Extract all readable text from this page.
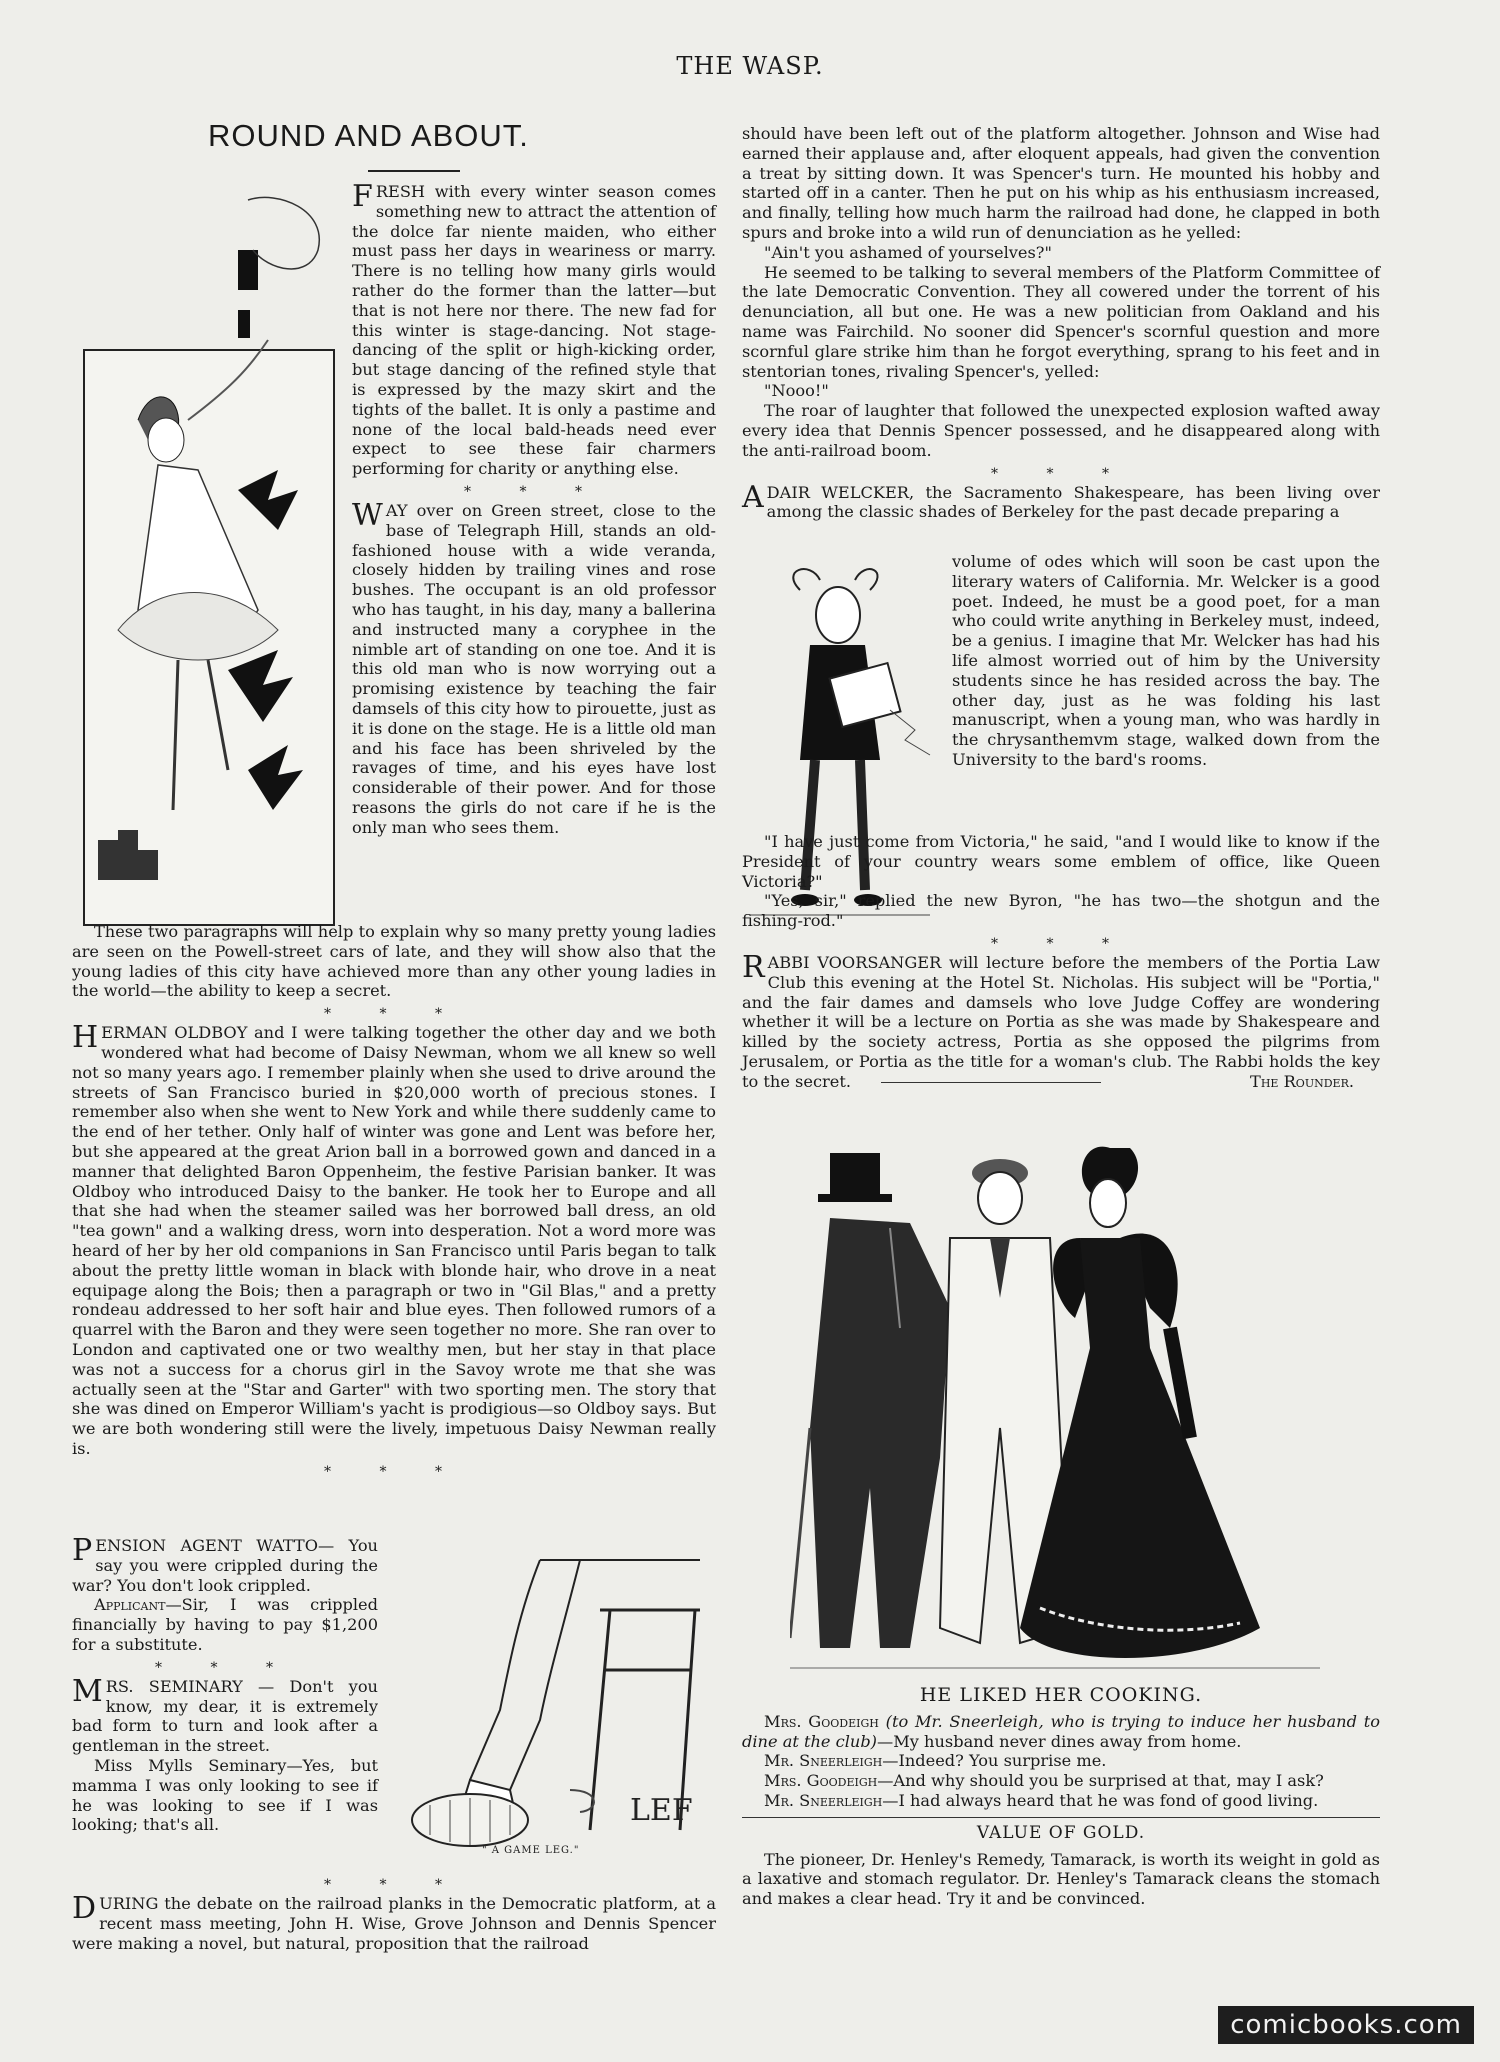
THE WASP.
ROUND AND ABOUT.

FRESH with every winter season comes something new to attract the attention of the dolce far niente maiden, who either must pass her days in weariness or marry. There is no telling how many girls would rather do the former than the latter—but that is not here nor there. The new fad for this winter is stage-dancing. Not stage-dancing of the split or high-kicking order, but stage dancing of the refined style that is expressed by the mazy skirt and the tights of the ballet. It is only a pastime and none of the local bald-heads need ever expect to see these fair charmers performing for charity or anything else.

* * *

WAY over on Green street, close to the base of Telegraph Hill, stands an old-fashioned house with a wide veranda, closely hidden by trailing vines and rose bushes. The occupant is an old professor who has taught, in his day, many a ballerina and instructed many a coryphee in the nimble art of standing on one toe. And it is this old man who is now worrying out a promising existence by teaching the fair damsels of this city how to pirouette, just as it is done on the stage. He is a little old man and his face has been shriveled by the ravages of time, and his eyes have lost considerable of their power. And for those reasons the girls do not care if he is the only man who sees them.

These two paragraphs will help to explain why so many pretty young ladies are seen on the Powell-street cars of late, and they will show also that the young ladies of this city have achieved more than any other young ladies in the world—the ability to keep a secret.

* * *

HERMAN OLDBOY and I were talking together the other day and we both wondered what had become of Daisy Newman, whom we all knew so well not so many years ago. I remember plainly when she used to drive around the streets of San Francisco buried in $20,000 worth of precious stones. I remember also when she went to New York and while there suddenly came to the end of her tether. Only half of winter was gone and Lent was before her, but she appeared at the great Arion ball in a borrowed gown and danced in a manner that delighted Baron Oppenheim, the festive Parisian banker. It was Oldboy who introduced Daisy to the banker. He took her to Europe and all that she had when the steamer sailed was her borrowed ball dress, an old "tea gown" and a walking dress, worn into desperation. Not a word more was heard of her by her old companions in San Francisco until Paris began to talk about the pretty little woman in black with blonde hair, who drove in a neat equipage along the Bois; then a paragraph or two in "Gil Blas," and a pretty rondeau addressed to her soft hair and blue eyes. Then followed rumors of a quarrel with the Baron and they were seen together no more. She ran over to London and captivated one or two wealthy men, but her stay in that place was not a success for a chorus girl in the Savoy wrote me that she was actually seen at the "Star and Garter" with two sporting men. The story that she was dined on Emperor William's yacht is prodigious—so Oldboy says. But we are both wondering still were the lively, impetuous Daisy Newman really is.

* * *

PENSION AGENT WATTO— You say you were crippled during the war? You don't look crippled.

Applicant—Sir, I was crippled financially by having to pay $1,200 for a substitute.

* * *

MRS. SEMINARY — Don't you know, my dear, it is extremely bad form to turn and look after a gentleman in the street.

Miss Mylls Seminary—Yes, but mamma I was only looking to see if he was looking to see if I was looking; that's all.	LEF
" A GAME LEG."
* * *

DURING the debate on the railroad planks in the Democratic platform, at a recent mass meeting, John H. Wise, Grove Johnson and Dennis Spencer were making a novel, but natural, proposition that the railroad

should have been left out of the platform altogether. Johnson and Wise had earned their applause and, after eloquent appeals, had given the convention a treat by sitting down. It was Spencer's turn. He mounted his hobby and started off in a canter. Then he put on his whip as his enthusiasm increased, and finally, telling how much harm the railroad had done, he clapped in both spurs and broke into a wild run of denunciation as he yelled:

"Ain't you ashamed of yourselves?"

He seemed to be talking to several members of the Platform Committee of the late Democratic Convention. They all cowered under the torrent of his denunciation, all but one. He was a new politician from Oakland and his name was Fairchild. No sooner did Spencer's scornful question and more scornful glare strike him than he forgot everything, sprang to his feet and in stentorian tones, rivaling Spencer's, yelled:

"Nooo!"

The roar of laughter that followed the unexpected explosion wafted away every idea that Dennis Spencer possessed, and he disappeared along with the anti-railroad boom.

* * *

ADAIR WELCKER, the Sacramento Shakespeare, has been living over among the classic shades of Berkeley for the past decade preparing a

volume of odes which will soon be cast upon the literary waters of California. Mr. Welcker is a good poet. Indeed, he must be a good poet, for a man who could write anything in Berkeley must, indeed, be a genius. I imagine that Mr. Welcker has had his life almost worried out of him by the University students since he has resided across the bay. The other day, just as he was folding his last manuscript, when a young man, who was hardly in the chrysanthemvm stage, walked down from the University to the bard's rooms.

"I have just come from Victoria," he said, "and I would like to know if the President of your country wears some emblem of office, like Queen Victoria?"

"Yes, sir," replied the new Byron, "he has two—the shotgun and the fishing-rod."

* * *

RABBI VOORSANGER will lecture before the members of the Portia Law Club this evening at the Hotel St. Nicholas. His subject will be "Portia," and the fair dames and damsels who love Judge Coffey are wondering whether it will be a lecture on Portia as she was made by Shakespeare and killed by the society actress, Portia as she opposed the pilgrims from Jerusalem, or Portia as the title for a woman's club. The Rabbi holds the key to the secret.	The Rounder.

HE LIKED HER COOKING.

Mrs. Goodeigh (to Mr. Sneerleigh, who is trying to induce her husband to dine at the club)—My husband never dines away from home.

Mr. Sneerleigh—Indeed? You surprise me.

Mrs. Goodeigh—And why should you be surprised at that, may I ask?

Mr. Sneerleigh—I had always heard that he was fond of good living.

VALUE OF GOLD.

The pioneer, Dr. Henley's Remedy, Tamarack, is worth its weight in gold as a laxative and stomach regulator. Dr. Henley's Tamarack cleans the stomach and makes a clear head. Try it and be convinced.

comicbooks.com
